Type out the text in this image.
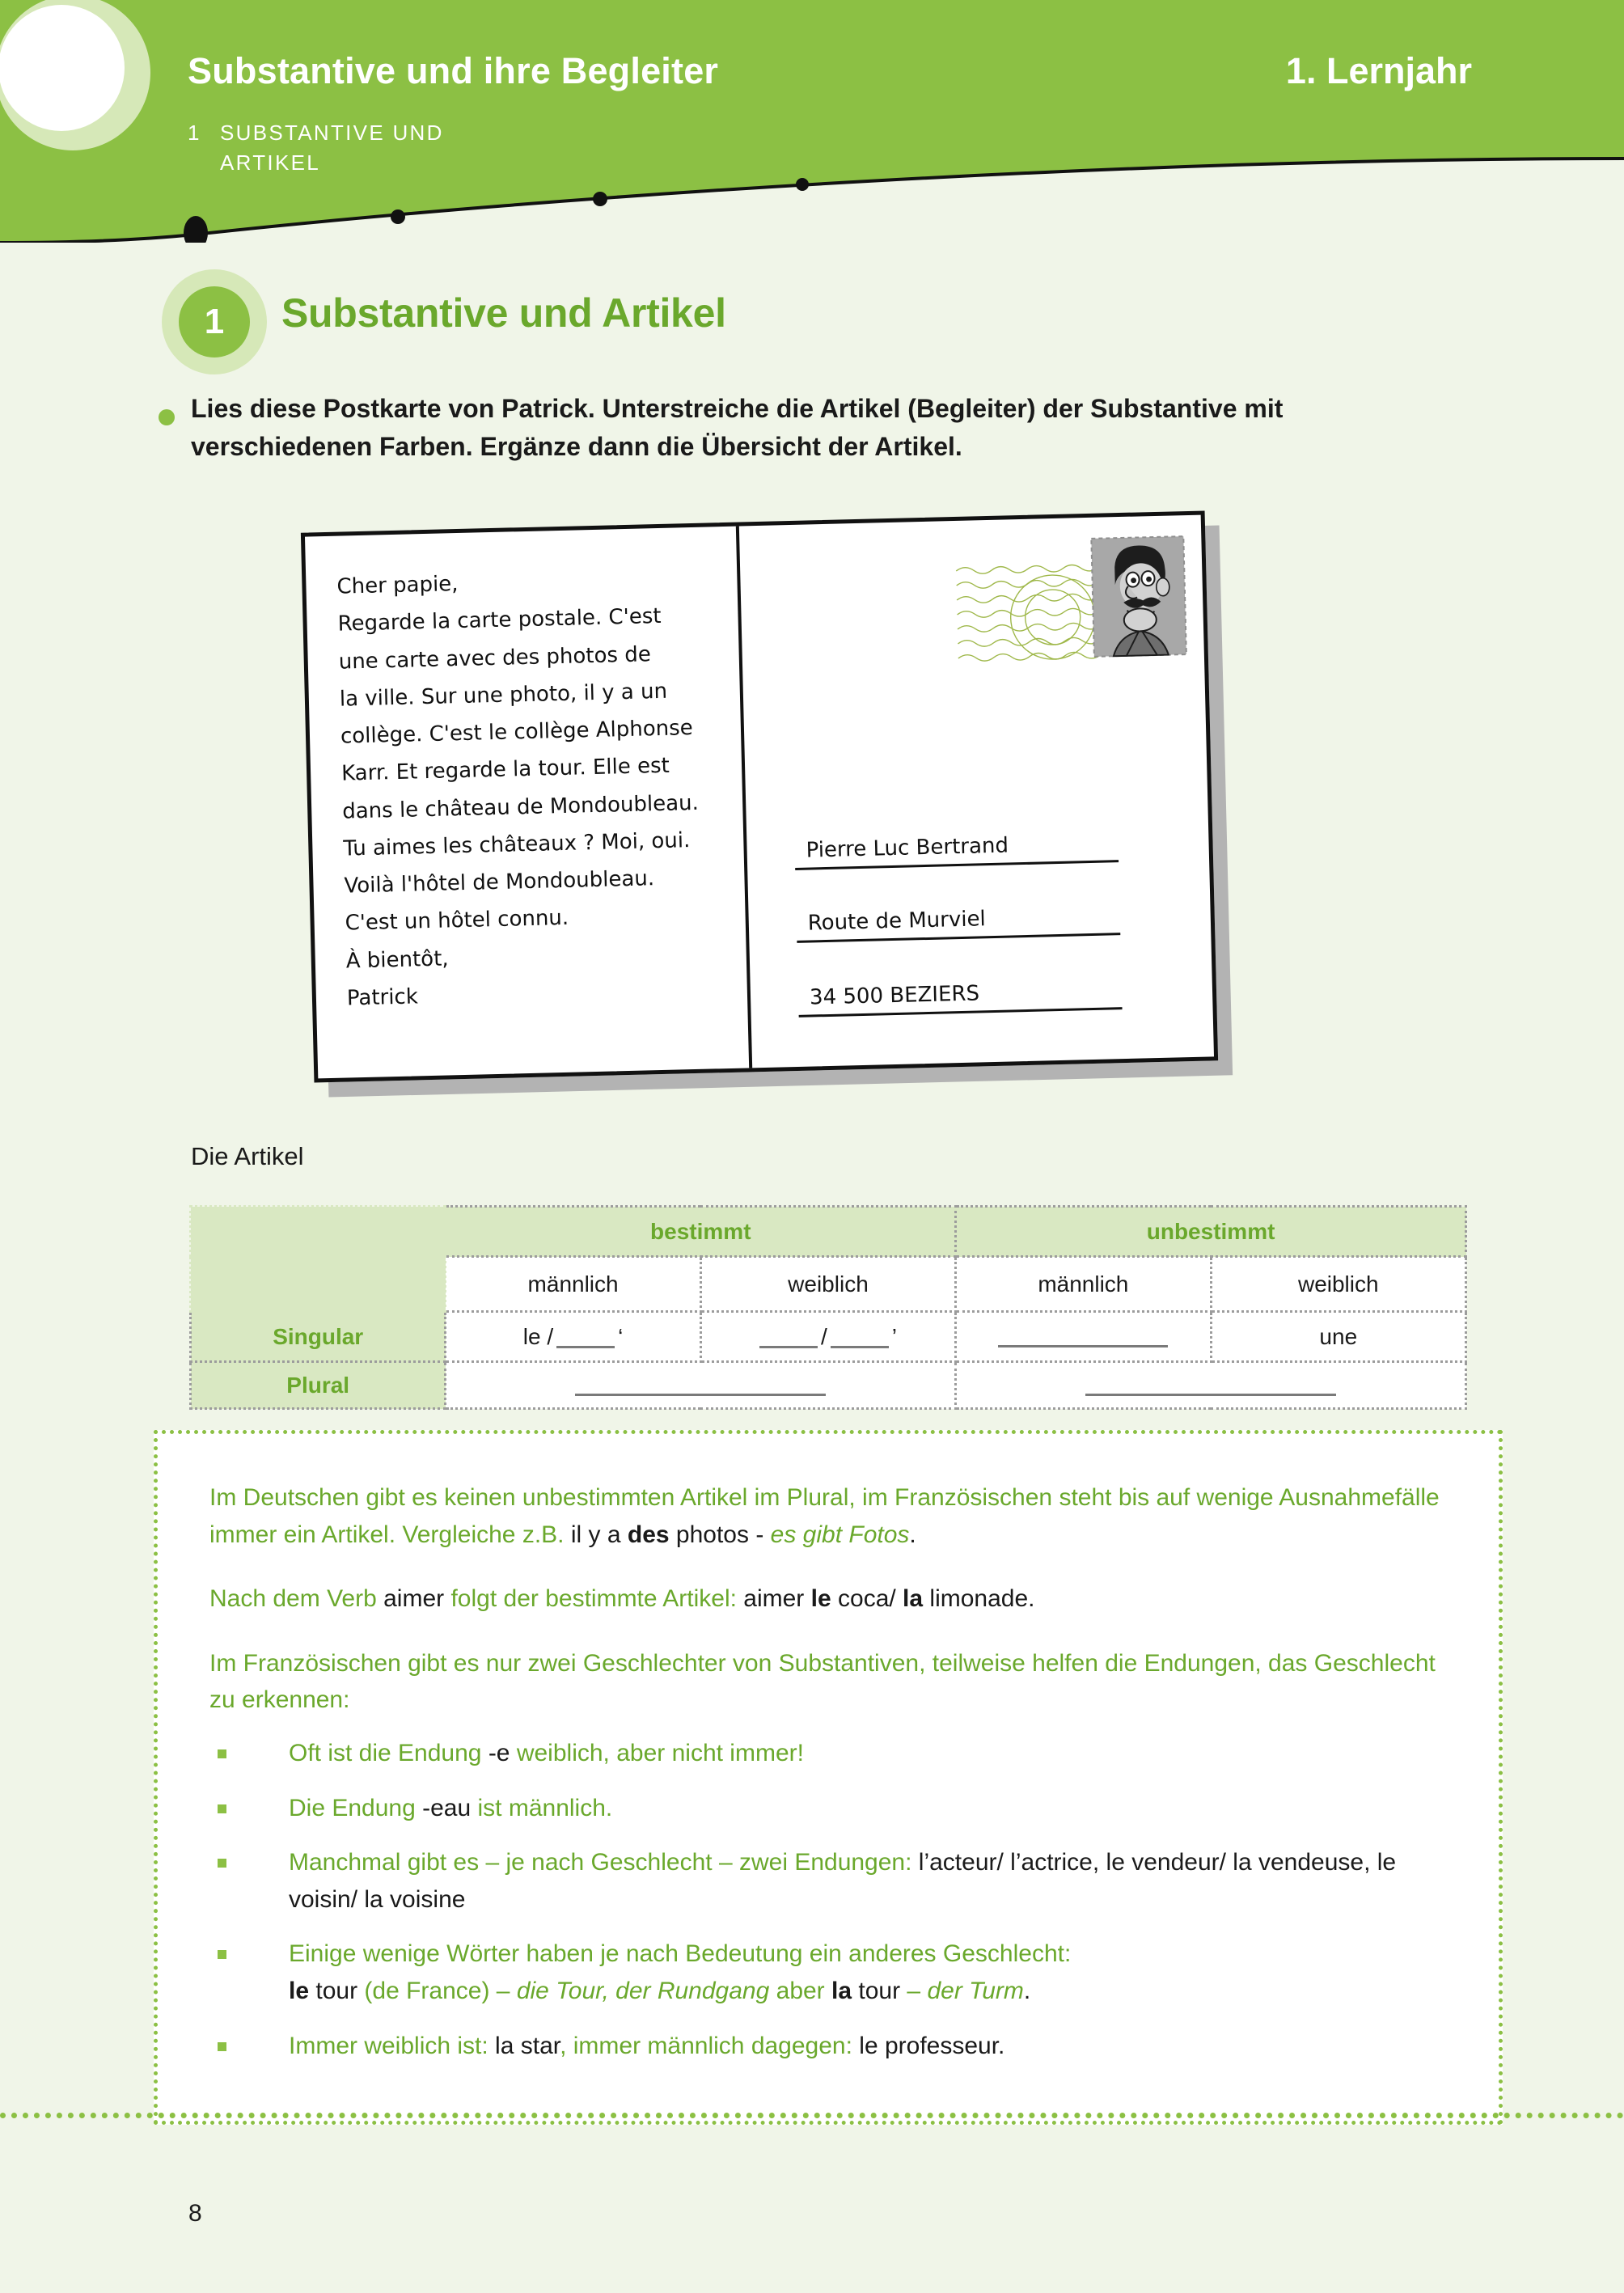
Substantive und ihre Begleiter	1. Lernjahr
1 SUBSTANTIVE UND
ARTIKEL
1	Substantive und Artikel
Lies diese Postkarte von Patrick. Unterstreiche die Artikel (Begleiter) der Substantive mit verschiedenen Farben. Ergänze dann die Übersicht der Artikel.
Cher papie,
Regarde la carte postale. C'est
une carte avec des photos de
la ville. Sur une photo, il y a un
collège. C'est le collège Alphonse
Karr. Et regarde la tour. Elle est
dans le château de Mondoubleau.
Tu aimes les châteaux ? Moi, oui.
Voilà l'hôtel de Mondoubleau.
C'est un hôtel connu.
À bientôt,
Patrick
Pierre Luc Bertrand
Route de Murviel
34 500 BEZIERS
Die Artikel
	bestimmt		unbestimmt	
	männlich	weiblich	männlich	weiblich
Singular	le / ‘	/ ’		une

Plural			

Im Deutschen gibt es keinen unbestimmten Artikel im Plural, im Französischen steht bis auf wenige Ausnahmefälle immer ein Artikel. Vergleiche z.B. il y a des photos - es gibt Fotos.

Nach dem Verb aimer folgt der bestimmte Artikel: aimer le coca/ la limonade.

Im Französischen gibt es nur zwei Geschlechter von Substantiven, teilweise helfen die Endungen, das Geschlecht zu erkennen:

Oft ist die Endung -e weiblich, aber nicht immer!
Die Endung -eau ist männlich.
Manchmal gibt es – je nach Geschlecht – zwei Endungen: l’acteur/ l’actrice, le vendeur/ la vendeuse, le voisin/ la voisine
Einige wenige Wörter haben je nach Bedeutung ein anderes Geschlecht:
le tour (de France) – die Tour, der Rundgang aber la tour – der Turm.
Immer weiblich ist: la star, immer männlich dagegen: le professeur.
8
